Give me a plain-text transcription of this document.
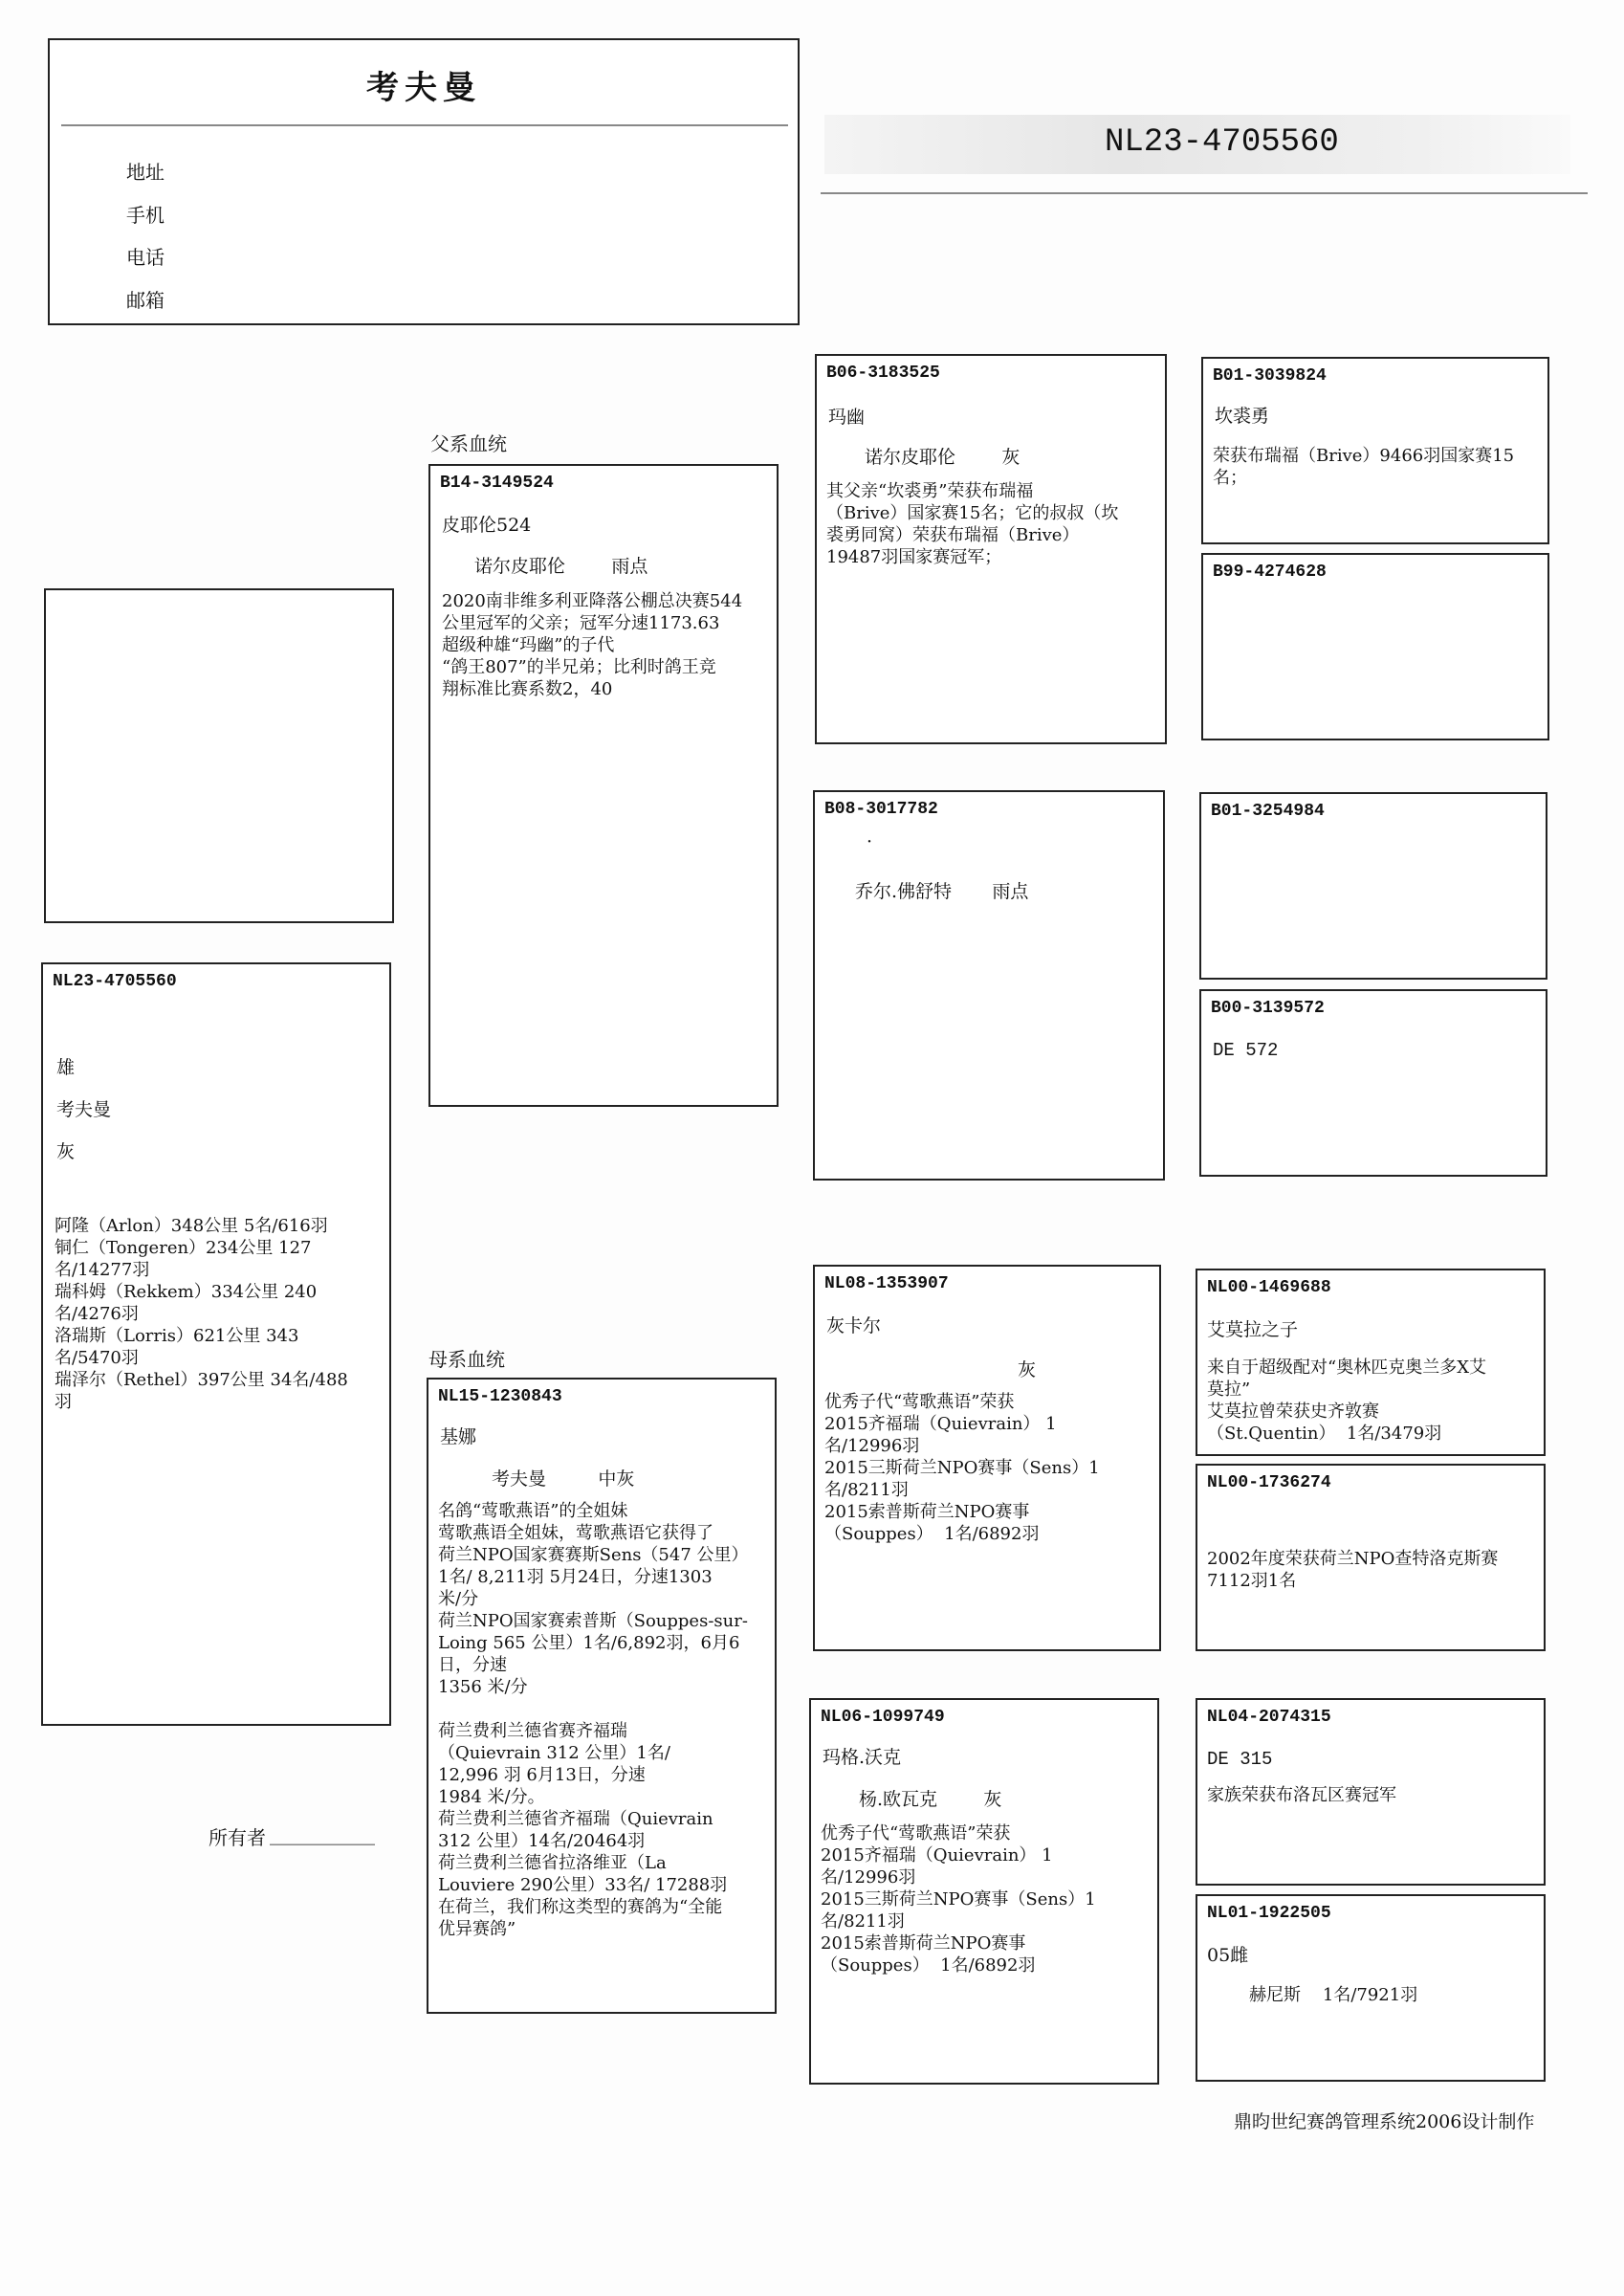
考夫曼
地址
手机
电话
邮箱
NL23-4705560
NL23-4705560
雄
考夫曼
灰
阿隆（Arlon）348公里 5名/616羽
铜仁（Tongeren）234公里 127
名/14277羽
瑞科姆（Rekkem）334公里 240
名/4276羽
洛瑞斯（Lorris）621公里 343
名/5470羽
瑞泽尔（Rethel）397公里 34名/488
羽
所有者 ___________
父系血统
母系血统
B14-3149524
皮耶伦524
诺尔皮耶伦        雨点
2020南非维多利亚降落公棚总决赛544
公里冠军的父亲；冠军分速1173.63
超级种雄“玛幽”的子代
“鸽王807”的半兄弟；比利时鸽王竞
翔标准比赛系数2，40
NL15-1230843
基娜
考夫曼         中灰
名鸽“莺歌燕语”的全姐妹
莺歌燕语全姐妹，莺歌燕语它获得了
荷兰NPO国家赛赛斯Sens（547 公里）
1名/ 8,211羽 5月24日，分速1303
米/分
荷兰NPO国家赛索普斯（Souppes-sur-
Loing 565 公里）1名/6,892羽，6月6
日，分速
1356 米/分

荷兰费利兰德省赛齐福瑞
（Quievrain 312 公里）1名/
12,996 羽 6月13日，分速
1984 米/分。
荷兰费利兰德省齐福瑞（Quievrain
312 公里）14名/20464羽
荷兰费利兰德省拉洛维亚（La
Louviere 290公里）33名/ 17288羽
在荷兰，我们称这类型的赛鸽为“全能
优异赛鸽”
B06-3183525
玛幽
诺尔皮耶伦        灰
其父亲“坎裘勇”荣获布瑞福
（Brive）国家赛15名；它的叔叔（坎
裘勇同窝）荣获布瑞福（Brive）
19487羽国家赛冠军；
B08-3017782
·
乔尔.佛舒特       雨点
NL08-1353907
灰卡尔
灰
优秀子代“莺歌燕语”荣获
2015齐福瑞（Quievrain） 1
名/12996羽
2015三斯荷兰NPO赛事（Sens）1
名/8211羽
2015索普斯荷兰NPO赛事
（Souppes）  1名/6892羽
NL06-1099749
玛格.沃克
杨.欧瓦克        灰
优秀子代“莺歌燕语”荣获
2015齐福瑞（Quievrain） 1
名/12996羽
2015三斯荷兰NPO赛事（Sens）1
名/8211羽
2015索普斯荷兰NPO赛事
（Souppes）  1名/6892羽
B01-3039824
坎裘勇
荣获布瑞福（Brive）9466羽国家赛15
名；
B99-4274628
B01-3254984
B00-3139572
DE 572
NL00-1469688
艾莫拉之子
来自于超级配对“奥林匹克奥兰多X艾
莫拉”
艾莫拉曾荣获史齐敦赛
（St.Quentin）  1名/3479羽
NL00-1736274
2002年度荣获荷兰NPO查特洛克斯赛
7112羽1名
NL04-2074315
DE 315
家族荣获布洛瓦区赛冠军
NL01-1922505
05雌
赫尼斯    1名/7921羽
鼎昀世纪赛鸽管理系统2006设计制作
